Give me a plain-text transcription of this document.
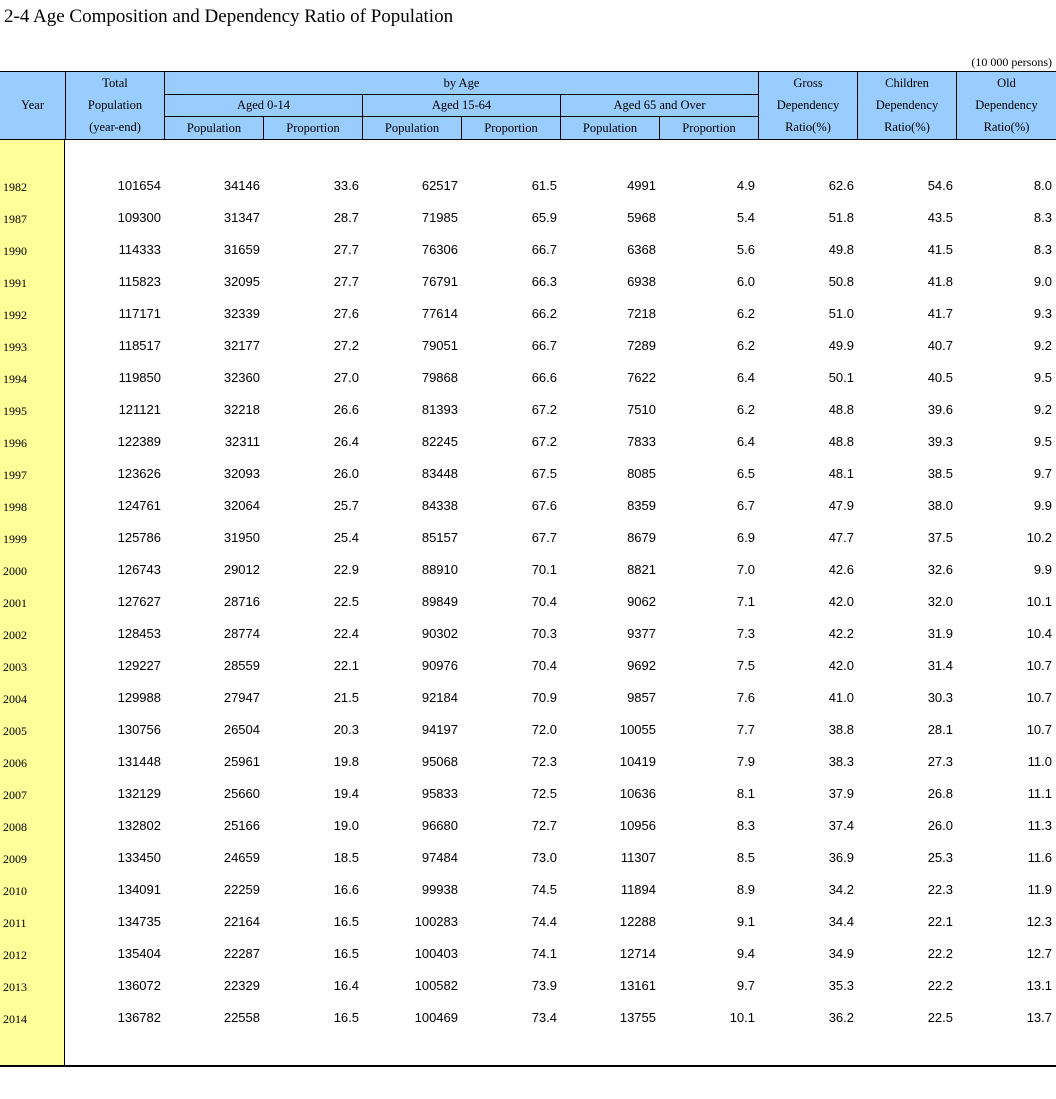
2-4 Age Composition and Dependency Ratio of Population
(10 000 persons)
Year
Total
Population
(year-end)
by Age
Aged 0-14	Aged 15-64	Aged 65 and Over
Population	Proportion	Population	Proportion	Population	Proportion
Gross
Dependency
Ratio(%)
Children
Dependency
Ratio(%)
Old
Dependency
Ratio(%)
1982	101654	34146	33.6	62517	61.5	4991	4.9	62.6	54.6	8.0
1987	109300	31347	28.7	71985	65.9	5968	5.4	51.8	43.5	8.3
1990	114333	31659	27.7	76306	66.7	6368	5.6	49.8	41.5	8.3
1991	115823	32095	27.7	76791	66.3	6938	6.0	50.8	41.8	9.0
1992	117171	32339	27.6	77614	66.2	7218	6.2	51.0	41.7	9.3
1993	118517	32177	27.2	79051	66.7	7289	6.2	49.9	40.7	9.2
1994	119850	32360	27.0	79868	66.6	7622	6.4	50.1	40.5	9.5
1995	121121	32218	26.6	81393	67.2	7510	6.2	48.8	39.6	9.2
1996	122389	32311	26.4	82245	67.2	7833	6.4	48.8	39.3	9.5
1997	123626	32093	26.0	83448	67.5	8085	6.5	48.1	38.5	9.7
1998	124761	32064	25.7	84338	67.6	8359	6.7	47.9	38.0	9.9
1999	125786	31950	25.4	85157	67.7	8679	6.9	47.7	37.5	10.2
2000	126743	29012	22.9	88910	70.1	8821	7.0	42.6	32.6	9.9
2001	127627	28716	22.5	89849	70.4	9062	7.1	42.0	32.0	10.1
2002	128453	28774	22.4	90302	70.3	9377	7.3	42.2	31.9	10.4
2003	129227	28559	22.1	90976	70.4	9692	7.5	42.0	31.4	10.7
2004	129988	27947	21.5	92184	70.9	9857	7.6	41.0	30.3	10.7
2005	130756	26504	20.3	94197	72.0	10055	7.7	38.8	28.1	10.7
2006	131448	25961	19.8	95068	72.3	10419	7.9	38.3	27.3	11.0
2007	132129	25660	19.4	95833	72.5	10636	8.1	37.9	26.8	11.1
2008	132802	25166	19.0	96680	72.7	10956	8.3	37.4	26.0	11.3
2009	133450	24659	18.5	97484	73.0	11307	8.5	36.9	25.3	11.6
2010	134091	22259	16.6	99938	74.5	11894	8.9	34.2	22.3	11.9
2011	134735	22164	16.5	100283	74.4	12288	9.1	34.4	22.1	12.3
2012	135404	22287	16.5	100403	74.1	12714	9.4	34.9	22.2	12.7
2013	136072	22329	16.4	100582	73.9	13161	9.7	35.3	22.2	13.1
2014	136782	22558	16.5	100469	73.4	13755	10.1	36.2	22.5	13.7
